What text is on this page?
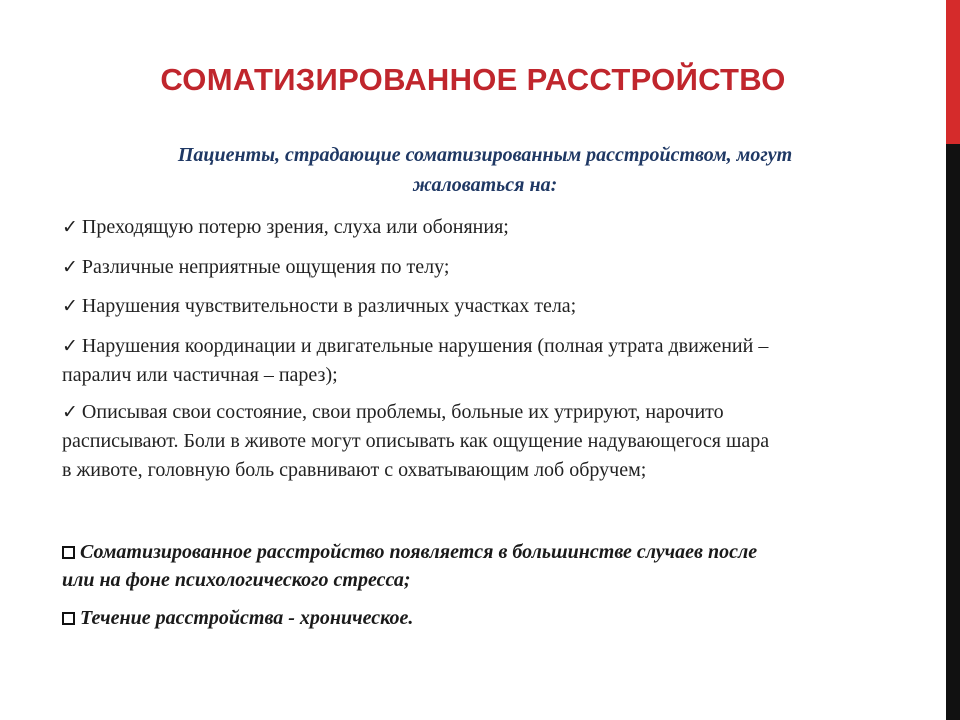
СОМАТИЗИРОВАННОЕ РАССТРОЙСТВО
Пациенты, страдающие соматизированным расстройством, могут
жаловаться на:
✓ Преходящую потерю зрения, слуха или обоняния;
✓ Различные неприятные ощущения по телу;
✓ Нарушения чувствительности в различных участках тела;
✓ Нарушения координации и двигательные нарушения (полная утрата движений –
паралич или частичная – парез);
✓ Описывая свои состояние, свои проблемы, больные их утрируют, нарочито
расписывают. Боли в животе могут описывать как ощущение надувающегося шара
в животе, головную боль сравнивают с охватывающим лоб обручем;
Соматизированное расстройство появляется в большинстве случаев после
или на фоне психологического стресса;
Течение расстройства - хроническое.
